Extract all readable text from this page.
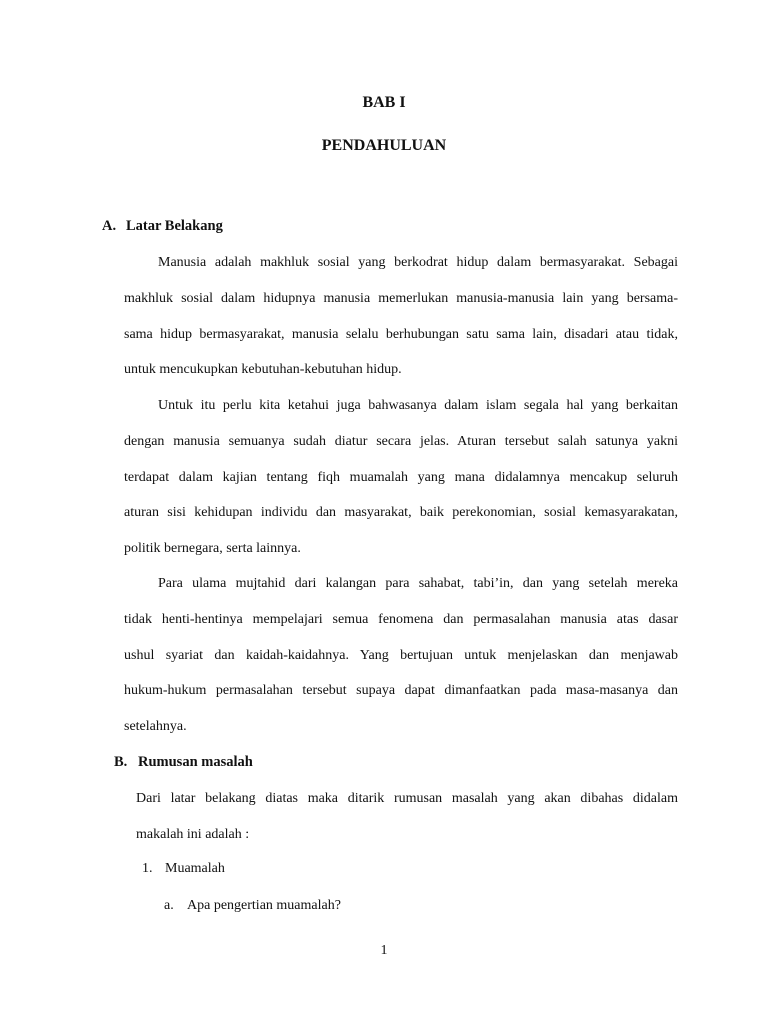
BAB I
PENDAHULUAN
A. Latar Belakang
Manusia adalah makhluk sosial yang berkodrat hidup dalam bermasyarakat. Sebagai
makhluk sosial dalam hidupnya manusia memerlukan manusia-manusia lain yang bersama-
sama hidup bermasyarakat, manusia selalu berhubungan satu sama lain, disadari atau tidak,
untuk mencukupkan kebutuhan-kebutuhan hidup.
Untuk itu perlu kita ketahui juga bahwasanya dalam islam segala hal yang berkaitan
dengan manusia semuanya sudah diatur secara jelas. Aturan tersebut salah satunya yakni
terdapat dalam kajian tentang fiqh muamalah yang mana didalamnya mencakup seluruh
aturan sisi kehidupan individu dan masyarakat, baik perekonomian, sosial kemasyarakatan,
politik bernegara, serta lainnya.
Para ulama mujtahid dari kalangan para sahabat, tabi’in, dan yang setelah mereka
tidak henti-hentinya mempelajari semua fenomena dan permasalahan manusia atas dasar
ushul syariat dan kaidah-kaidahnya. Yang bertujuan untuk menjelaskan dan menjawab
hukum-hukum permasalahan tersebut supaya dapat dimanfaatkan pada masa-masanya dan
setelahnya.
B. Rumusan masalah
Dari latar belakang diatas maka ditarik rumusan masalah yang akan dibahas didalam
makalah ini adalah :
1. Muamalah
a. Apa pengertian muamalah?
1
